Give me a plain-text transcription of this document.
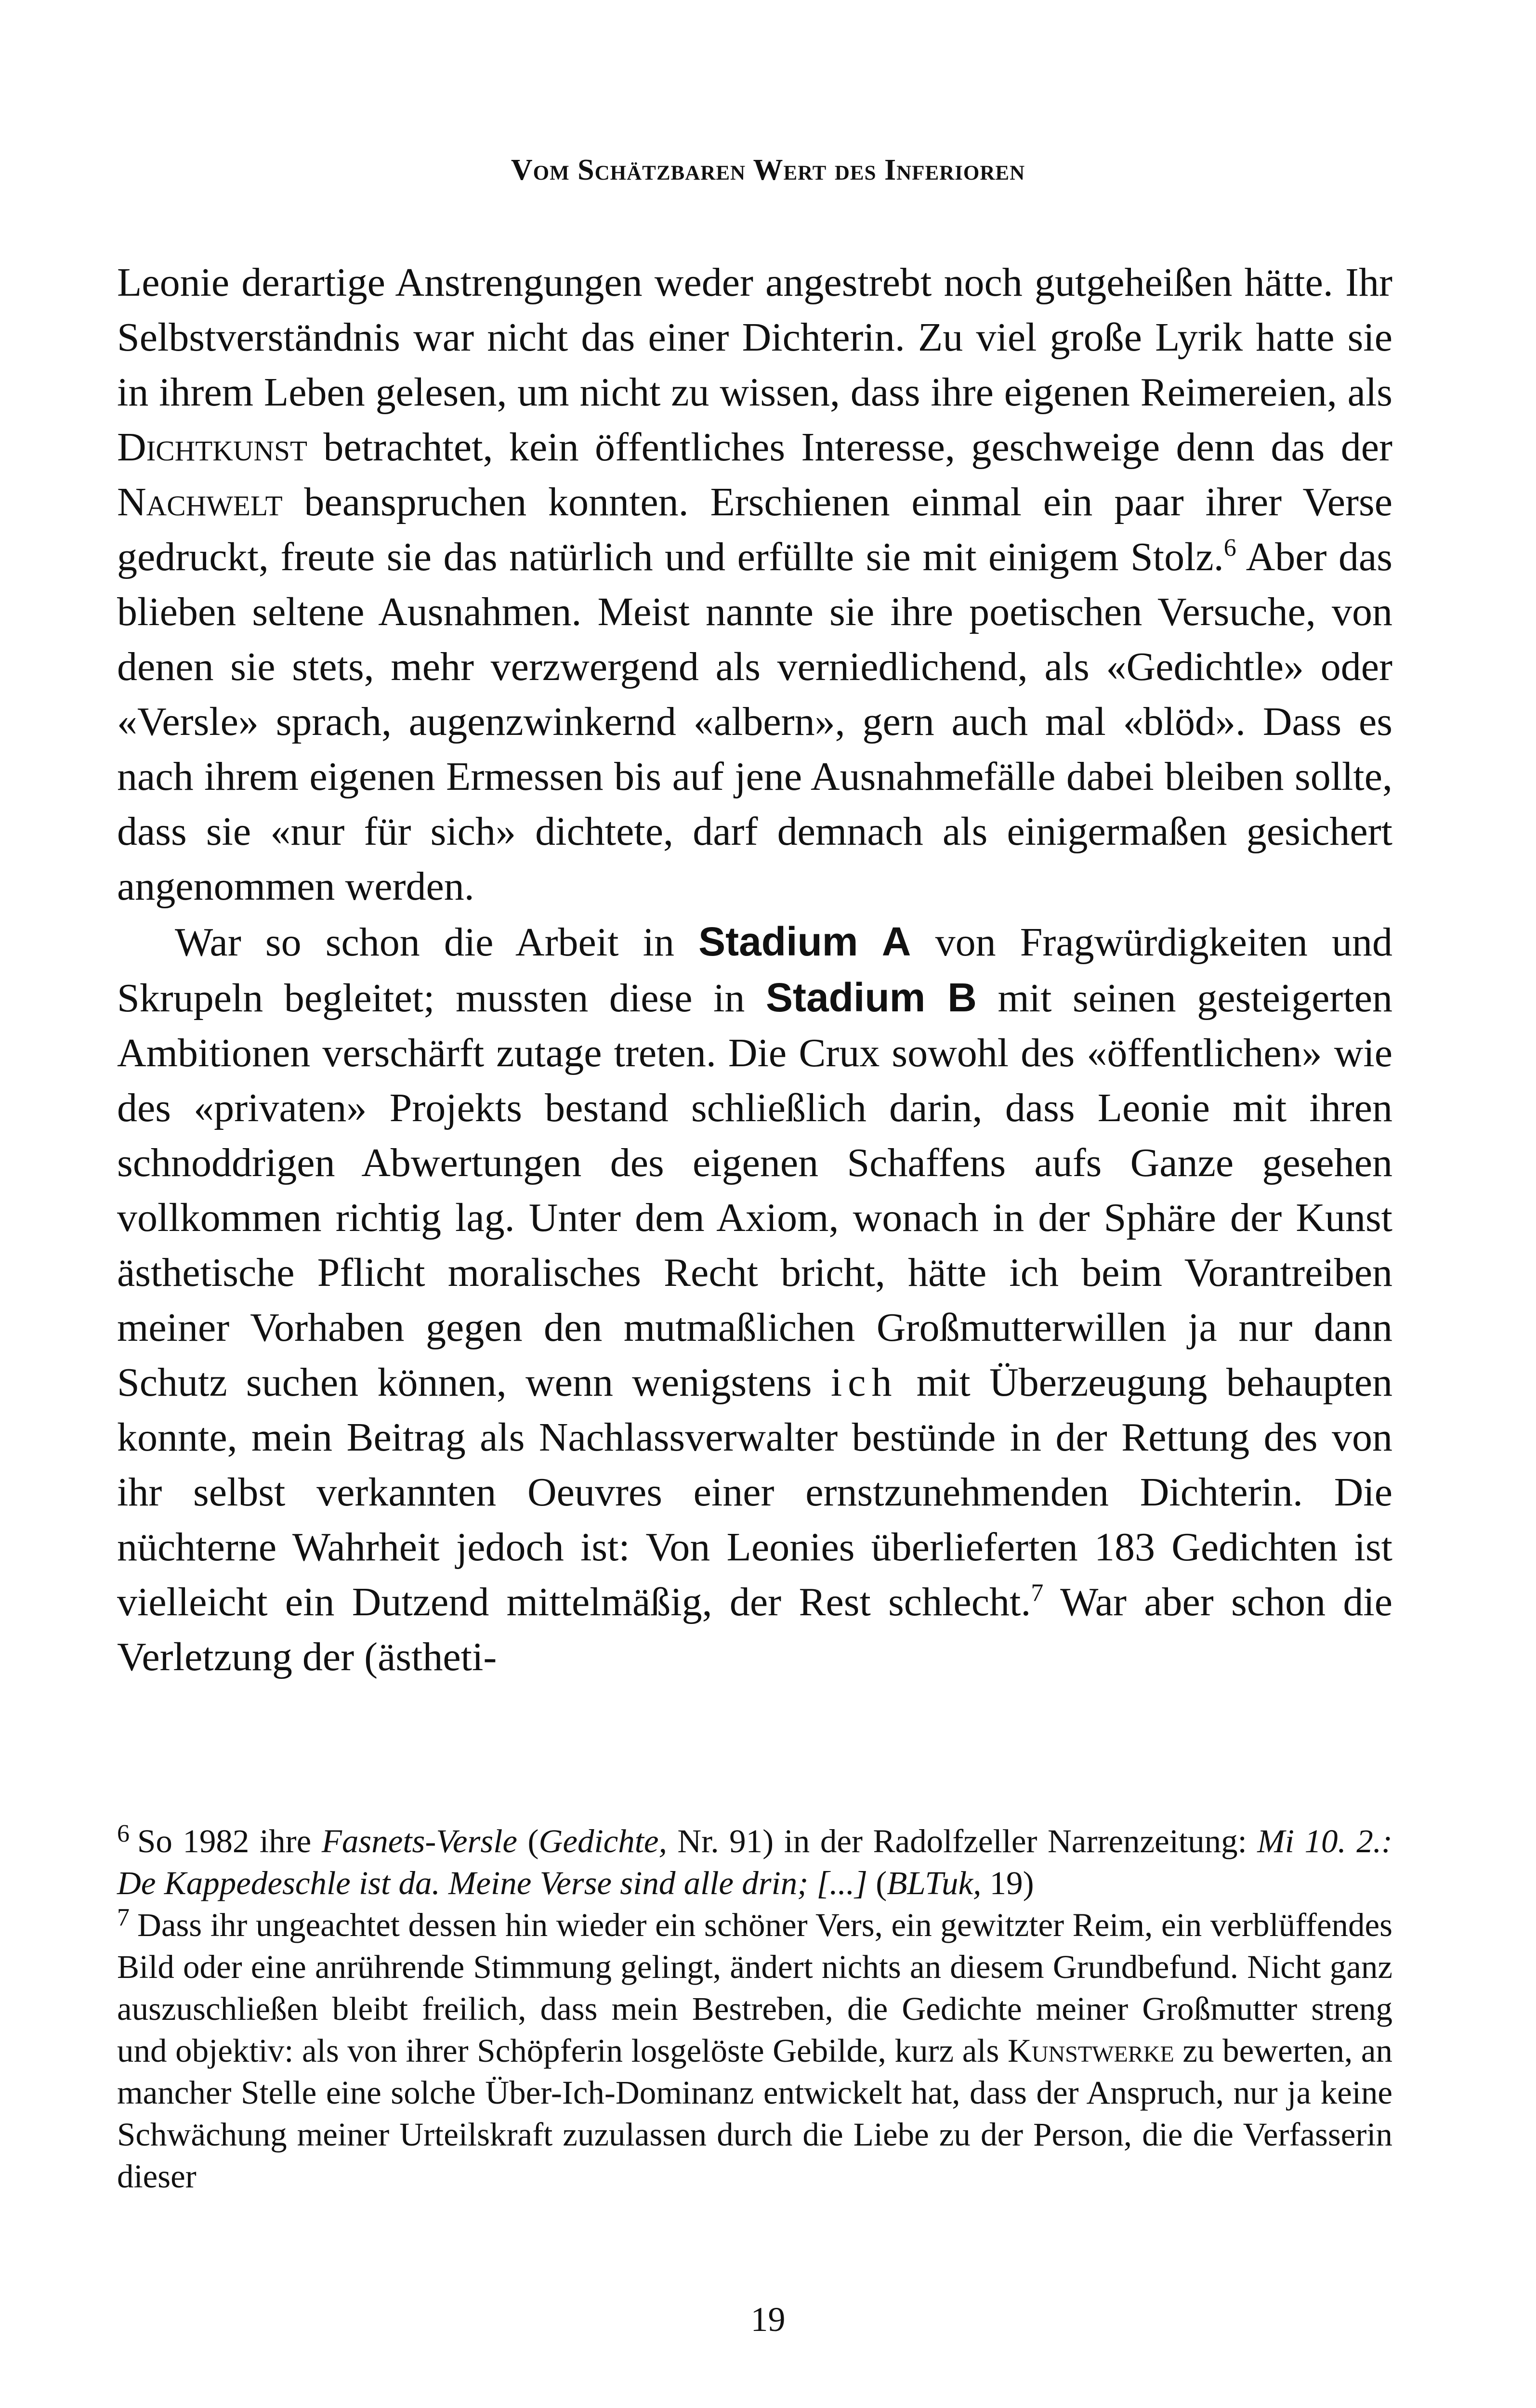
Vom Schätzbaren Wert des Inferioren

Leonie derartige Anstrengungen weder angestrebt noch gutgeheißen hätte. Ihr Selbstverständnis war nicht das einer Dichterin. Zu viel große Lyrik hatte sie in ihrem Leben gelesen, um nicht zu wissen, dass ihre eigenen Reimereien, als Dichtkunst betrachtet, kein öffentliches Interesse, geschweige denn das der Nachwelt beanspruchen konnten. Erschienen einmal ein paar ihrer Verse gedruckt, freute sie das natürlich und erfüllte sie mit einigem Stolz.$^6$ Aber das blieben seltene Ausnahmen. Meist nannte sie ihre poetischen Versuche, von denen sie stets, mehr verzwergend als verniedlichend, als «Gedichtle» oder «Versle» sprach, augenzwinkernd «albern», gern auch mal «blöd». Dass es nach ihrem eigenen Ermessen bis auf jene Ausnahmefälle dabei bleiben sollte, dass sie «nur für sich» dichtete, darf demnach als einigermaßen gesichert angenommen werden.

War so schon die Arbeit in Stadium A von Fragwürdigkeiten und Skrupeln begleitet; mussten diese in Stadium B mit seinen gesteigerten Ambitionen verschärft zutage treten. Die Crux sowohl des «öffentlichen» wie des «privaten» Projekts bestand schließlich darin, dass Leonie mit ihren schnoddrigen Abwertungen des eigenen Schaffens aufs Ganze gesehen vollkommen richtig lag. Unter dem Axiom, wonach in der Sphäre der Kunst ästhetische Pflicht moralisches Recht bricht, hätte ich beim Vorantreiben meiner Vorhaben gegen den mutmaßlichen Großmutterwillen ja nur dann Schutz suchen können, wenn wenigstens ich mit Überzeugung behaupten konnte, mein Beitrag als Nachlassverwalter bestünde in der Rettung des von ihr selbst verkannten Oeuvres einer ernstzunehmenden Dichterin. Die nüchterne Wahrheit jedoch ist: Von Leonies überlieferten 183 Gedichten ist vielleicht ein Dutzend mittelmäßig, der Rest schlecht.$^7$ War aber schon die Verletzung der (ästheti-

$^6$ So 1982 ihre Fasnets-Versle (Gedichte, Nr. 91) in der Radolfzeller Narrenzeitung: Mi 10. 2.: De Kappedeschle ist da. Meine Verse sind alle drin; [...] (BLTuk, 19)

$^7$ Dass ihr ungeachtet dessen hin wieder ein schöner Vers, ein gewitzter Reim, ein verblüffendes Bild oder eine anrührende Stimmung gelingt, ändert nichts an diesem Grundbefund. Nicht ganz auszuschließen bleibt freilich, dass mein Bestreben, die Gedichte meiner Großmutter streng und objektiv: als von ihrer Schöpferin losgelöste Gebilde, kurz als Kunstwerke zu bewerten, an mancher Stelle eine solche Über-Ich-Dominanz entwickelt hat, dass der Anspruch, nur ja keine Schwächung meiner Urteilskraft zuzulassen durch die Liebe zu der Person, die die Verfasserin dieser

19
